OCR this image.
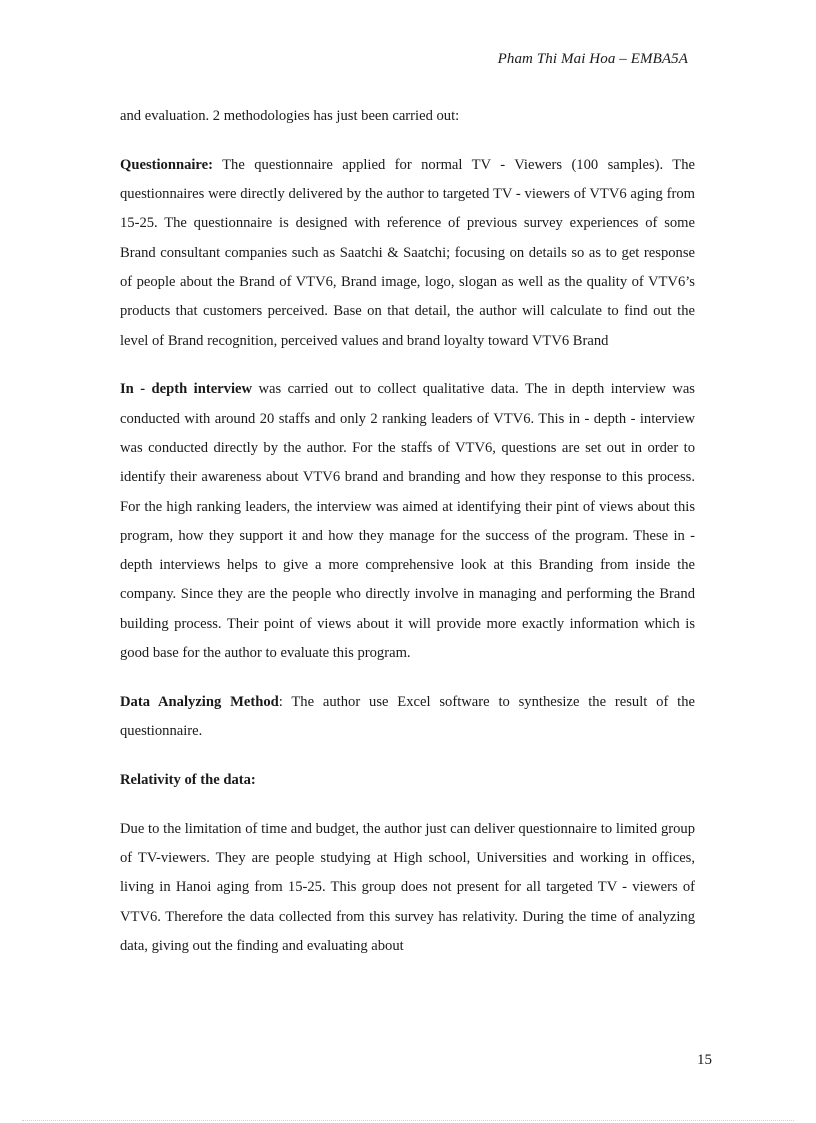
Pham Thi Mai Hoa – EMBA5A

and evaluation. 2 methodologies has just been carried out:

Questionnaire: The questionnaire applied for normal TV - Viewers (100 samples). The questionnaires were directly delivered by the author to targeted TV - viewers of VTV6 aging from 15-25. The questionnaire is designed with reference of previous survey experiences of some Brand consultant companies such as Saatchi & Saatchi; focusing on details so as to get response of people about the Brand of VTV6, Brand image, logo, slogan as well as the quality of VTV6’s products that customers perceived. Base on that detail, the author will calculate to find out the level of Brand recognition, perceived values and brand loyalty toward VTV6 Brand

In - depth interview was carried out to collect qualitative data. The in depth interview was conducted with around 20 staffs and only 2 ranking leaders of VTV6. This in - depth - interview was conducted directly by the author. For the staffs of VTV6, questions are set out in order to identify their awareness about VTV6 brand and branding and how they response to this process. For the high ranking leaders, the interview was aimed at identifying their pint of views about this program, how they support it and how they manage for the success of the program. These in - depth interviews helps to give a more comprehensive look at this Branding from inside the company. Since they are the people who directly involve in managing and performing the Brand building process. Their point of views about it will provide more exactly information which is good base for the author to evaluate this program.

Data Analyzing Method: The author use Excel software to synthesize the result of the questionnaire.

Relativity of the data:

Due to the limitation of time and budget, the author just can deliver questionnaire to limited group of TV-viewers. They are people studying at High school, Universities and working in offices, living in Hanoi aging from 15-25. This group does not present for all targeted TV - viewers of VTV6. Therefore the data collected from this survey has relativity. During the time of analyzing data, giving out the finding and evaluating about

15
